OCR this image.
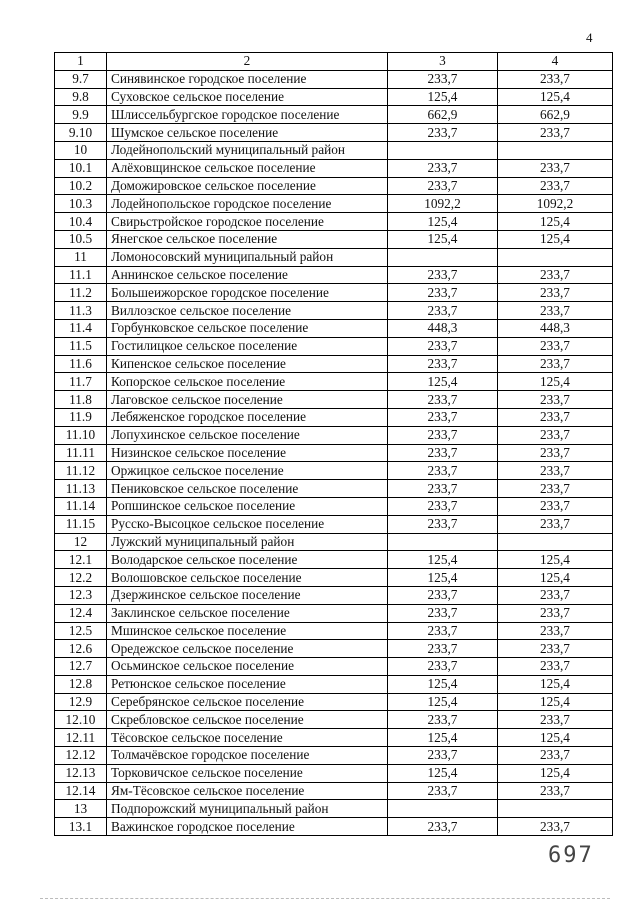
4
1	2	3	4
9.7	Синявинское городское поселение	233,7	233,7
9.8	Суховское сельское поселение	125,4	125,4
9.9	Шлиссельбургское городское поселение	662,9	662,9
9.10	Шумское сельское поселение	233,7	233,7
10	Лодейнопольский муниципальный район		
10.1	Алёховщинское сельское поселение	233,7	233,7
10.2	Доможировское сельское поселение	233,7	233,7
10.3	Лодейнопольское городское поселение	1092,2	1092,2
10.4	Свирьстройское городское поселение	125,4	125,4
10.5	Янегское сельское поселение	125,4	125,4
11	Ломоносовский муниципальный район		
11.1	Аннинское сельское поселение	233,7	233,7
11.2	Большеижорское городское поселение	233,7	233,7
11.3	Виллозское сельское поселение	233,7	233,7
11.4	Горбунковское сельское поселение	448,3	448,3
11.5	Гостилицкое сельское поселение	233,7	233,7
11.6	Кипенское сельское поселение	233,7	233,7
11.7	Копорское сельское поселение	125,4	125,4
11.8	Лаговское сельское поселение	233,7	233,7
11.9	Лебяженское городское поселение	233,7	233,7
11.10	Лопухинское сельское поселение	233,7	233,7
11.11	Низинское сельское поселение	233,7	233,7
11.12	Оржицкое сельское поселение	233,7	233,7
11.13	Пениковское сельское поселение	233,7	233,7
11.14	Ропшинское сельское поселение	233,7	233,7
11.15	Русско-Высоцкое сельское поселение	233,7	233,7
12	Лужский муниципальный район		
12.1	Володарское сельское поселение	125,4	125,4
12.2	Волошовское сельское поселение	125,4	125,4
12.3	Дзержинское сельское поселение	233,7	233,7
12.4	Заклинское сельское поселение	233,7	233,7
12.5	Мшинское сельское поселение	233,7	233,7
12.6	Оредежское сельское поселение	233,7	233,7
12.7	Осьминское сельское поселение	233,7	233,7
12.8	Ретюнское сельское поселение	125,4	125,4
12.9	Серебрянское сельское поселение	125,4	125,4
12.10	Скребловское сельское поселение	233,7	233,7
12.11	Тёсовское сельское поселение	125,4	125,4
12.12	Толмачёвское городское поселение	233,7	233,7
12.13	Торковичское сельское поселение	125,4	125,4
12.14	Ям-Тёсовское сельское поселение	233,7	233,7
13	Подпорожский муниципальный район		
13.1	Важинское городское поселение	233,7	233,7
697
